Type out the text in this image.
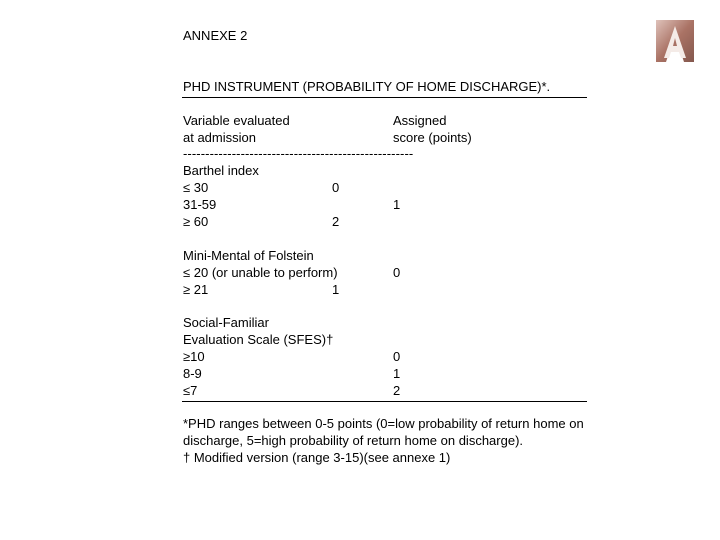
ANNEXE 2
PHD INSTRUMENT (PROBABILITY OF HOME DISCHARGE)*.
Variable evaluated	Assigned
at admission	score (points)
----------------------------------------------------
Barthel index
≤ 30	0
31-59	1
≥ 60	2
Mini-Mental of Folstein
≤ 20 (or unable to perform)	0
≥ 21	1
Social-Familiar
Evaluation Scale (SFES)†
≥10	0
8-9	1
≤7	2
*PHD ranges between 0-5 points (0=low probability of return home on
discharge, 5=high probability of return home on discharge).
† Modified version (range 3-15)(see annexe 1)
